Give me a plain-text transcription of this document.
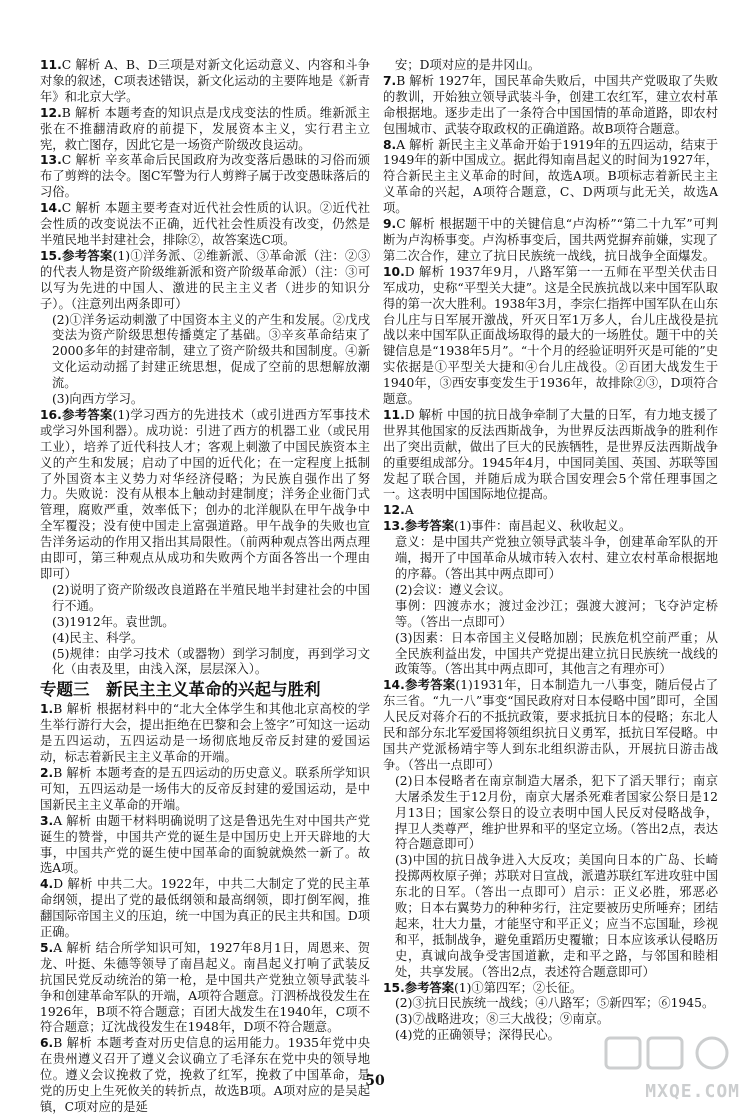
11.C 解析 A、B、D三项是对新文化运动意义、内容和斗争对象的叙述，C项表述错误，新文化运动的主要阵地是《新青年》和北京大学。

12.B 解析 本题考查的知识点是戊戌变法的性质。维新派主张在不推翻清政府的前提下，发展资本主义，实行君主立宪，救亡图存，因此它是一场资产阶级改良运动。

13.C 解析 辛亥革命后民国政府为改变落后愚昧的习俗而颁布了剪辫的法令。图C军警为行人剪辫子属于改变愚昧落后的习俗。

14.C 解析 本题主要考查对近代社会性质的认识。②近代社会性质的改变说法不正确，近代社会性质没有改变，仍然是半殖民地半封建社会，排除②，故答案选C项。

15.参考答案(1)①洋务派、②维新派、③革命派（注：②③的代表人物是资产阶级维新派和资产阶级革命派）（注：③可以写为先进的中国人、激进的民主主义者（进步的知识分子）。（注意列出两条即可）

(2)①洋务运动刺激了中国资本主义的产生和发展。②戊戌变法为资产阶级思想传播奠定了基础。③辛亥革命结束了2000多年的封建帝制，建立了资产阶级共和国制度。④新文化运动动摇了封建正统思想，促成了空前的思想解放潮流。

(3)向西方学习。

16.参考答案(1)学习西方的先进技术（或引进西方军事技术或学习外国利器）。成功说：引进了西方的机器工业（或民用工业），培养了近代科技人才；客观上刺激了中国民族资本主义的产生和发展；启动了中国的近代化；在一定程度上抵制了外国资本主义势力对华经济侵略；为民族自强作出了努力。失败说：没有从根本上触动封建制度；洋务企业衙门式管理，腐败严重，效率低下；创办的北洋舰队在甲午战争中全军覆没；没有使中国走上富强道路。甲午战争的失败也宣告洋务运动的作用又指出其局限性。（前两种观点答出两点理由即可，第三种观点从成功和失败两个方面各答出一个理由即可）

(2)说明了资产阶级改良道路在半殖民地半封建社会的中国行不通。

(3)1912年。袁世凯。

(4)民主、科学。

(5)规律：由学习技术（或器物）到学习制度，再到学习文化（由表及里，由浅入深，层层深入）。

专题三　新民主主义革命的兴起与胜利

1.B 解析 根据材料中的“北大全体学生和其他北京高校的学生举行游行大会，提出拒绝在巴黎和会上签字”可知这一运动是五四运动，五四运动是一场彻底地反帝反封建的爱国运动，标志着新民主主义革命的开端。

2.B 解析 本题考查的是五四运动的历史意义。联系所学知识可知，五四运动是一场伟大的反帝反封建的爱国运动，是中国新民主主义革命的开端。

3.A 解析 由题干材料明确说明了这是鲁迅先生对中国共产党诞生的赞誉，中国共产党的诞生是中国历史上开天辟地的大事，中国共产党的诞生使中国革命的面貌就焕然一新了。故选A项。

4.D 解析 中共二大。1922年，中共二大制定了党的民主革命纲领，提出了党的最低纲领和最高纲领，即打倒军阀，推翻国际帝国主义的压迫，统一中国为真正的民主共和国。D项正确。

5.A 解析 结合所学知识可知，1927年8月1日，周恩来、贺龙、叶挺、朱德等领导了南昌起义。南昌起义打响了武装反抗国民党反动统治的第一枪，是中国共产党独立领导武装斗争和创建革命军队的开端，A项符合题意。汀泗桥战役发生在1926年，B项不符合题意；百团大战发生在1940年，C项不符合题意；辽沈战役发生在1948年，D项不符合题意。

6.B 解析 本题考查对历史信息的运用能力。1935年党中央在贵州遵义召开了遵义会议确立了毛泽东在党中央的领导地位。遵义会议挽救了党，挽救了红军，挽救了中国革命，是党的历史上生死攸关的转折点，故选B项。A项对应的是吴起镇，C项对应的是延

安；D项对应的是井冈山。

7.B 解析 1927年，国民革命失败后，中国共产党吸取了失败的教训，开始独立领导武装斗争，创建工农红军，建立农村革命根据地。逐步走出了一条符合中国国情的革命道路，即农村包围城市、武装夺取政权的正确道路。故B项符合题意。

8.A 解析 新民主主义革命开始于1919年的五四运动，结束于1949年的新中国成立。据此得知南昌起义的时间为1927年，符合新民主主义革命的时间，故选A项。B项标志着新民主主义革命的兴起，A项符合题意，C、D两项与此无关，故选A项。

9.C 解析 根据题干中的关键信息“卢沟桥”“第二十九军”可判断为卢沟桥事变。卢沟桥事变后，国共两党摒弃前嫌，实现了第二次合作，建立了抗日民族统一战线，抗日战争全面爆发。

10.D 解析 1937年9月，八路军第一一五师在平型关伏击日军成功，史称“平型关大捷”。这是全民族抗战以来中国军队取得的第一次大胜利。1938年3月，李宗仁指挥中国军队在山东台儿庄与日军展开激战，歼灭日军1万多人，台儿庄战役是抗战以来中国军队正面战场取得的最大的一场胜仗。题干中的关键信息是“1938年5月”。“十个月的经验证明歼灭是可能的”史实依据是①平型关大捷和④台儿庄战役。②百团大战发生于1940年，③西安事变发生于1936年，故排除②③，D项符合题意。

11.D 解析 中国的抗日战争牵制了大量的日军，有力地支援了世界其他国家的反法西斯战争，为世界反法西斯战争的胜利作出了突出贡献，做出了巨大的民族牺牲，是世界反法西斯战争的重要组成部分。1945年4月，中国同美国、英国、苏联等国发起了联合国，并随后成为联合国安理会5个常任理事国之一。这表明中国国际地位提高。

12.A

13.参考答案(1)事件：南昌起义、秋收起义。

意义：是中国共产党独立领导武装斗争，创建革命军队的开端，揭开了中国革命从城市转入农村、建立农村革命根据地的序幕。（答出其中两点即可）

(2)会议：遵义会议。

事例：四渡赤水；渡过金沙江；强渡大渡河；飞夺泸定桥等。（答出一点即可）

(3)因素：日本帝国主义侵略加剧；民族危机空前严重；从全民族利益出发，中国共产党提出建立抗日民族统一战线的政策等。（答出其中两点即可，其他言之有理亦可）

14.参考答案(1)1931年，日本制造九一八事变，随后侵占了东三省。“九一八”事变“国民政府对日本侵略中国”即可，全国人民反对蒋介石的不抵抗政策，要求抵抗日本的侵略；东北人民和部分东北军爱国将领组织抗日义勇军，抵抗日军侵略。中国共产党派杨靖宇等人到东北组织游击队，开展抗日游击战争。（答出一点即可）

(2)日本侵略者在南京制造大屠杀，犯下了滔天罪行；南京大屠杀发生于12月份，南京大屠杀死难者国家公祭日是12月13日；国家公祭日的设立表明中国人民反对侵略战争，捍卫人类尊严，维护世界和平的坚定立场。（答出2点，表达符合题意即可）

(3)中国的抗日战争进入大反攻；美国向日本的广岛、长崎投掷两枚原子弹；苏联对日宣战，派遣苏联红军进攻驻中国东北的日军。（答出一点即可）启示：正义必胜，邪恶必败；日本右翼势力的种种劣行，注定要被历史所唾弃；团结起来，壮大力量，才能坚守和平正义；应当不忘国耻，珍视和平，抵制战争，避免重蹈历史覆辙；日本应该承认侵略历史，真诚向战争受害国道歉，走和平之路，与邻国和睦相处，共享发展。（答出2点，表述符合题意即可）

15.参考答案(1)①第四军；②长征。

(2)③抗日民族统一战线；④八路军；⑤新四军；⑥1945。

(3)⑦战略进攻；⑧三大战役；⑨南京。

(4)党的正确领导；深得民心。

50	MXQE.COM
